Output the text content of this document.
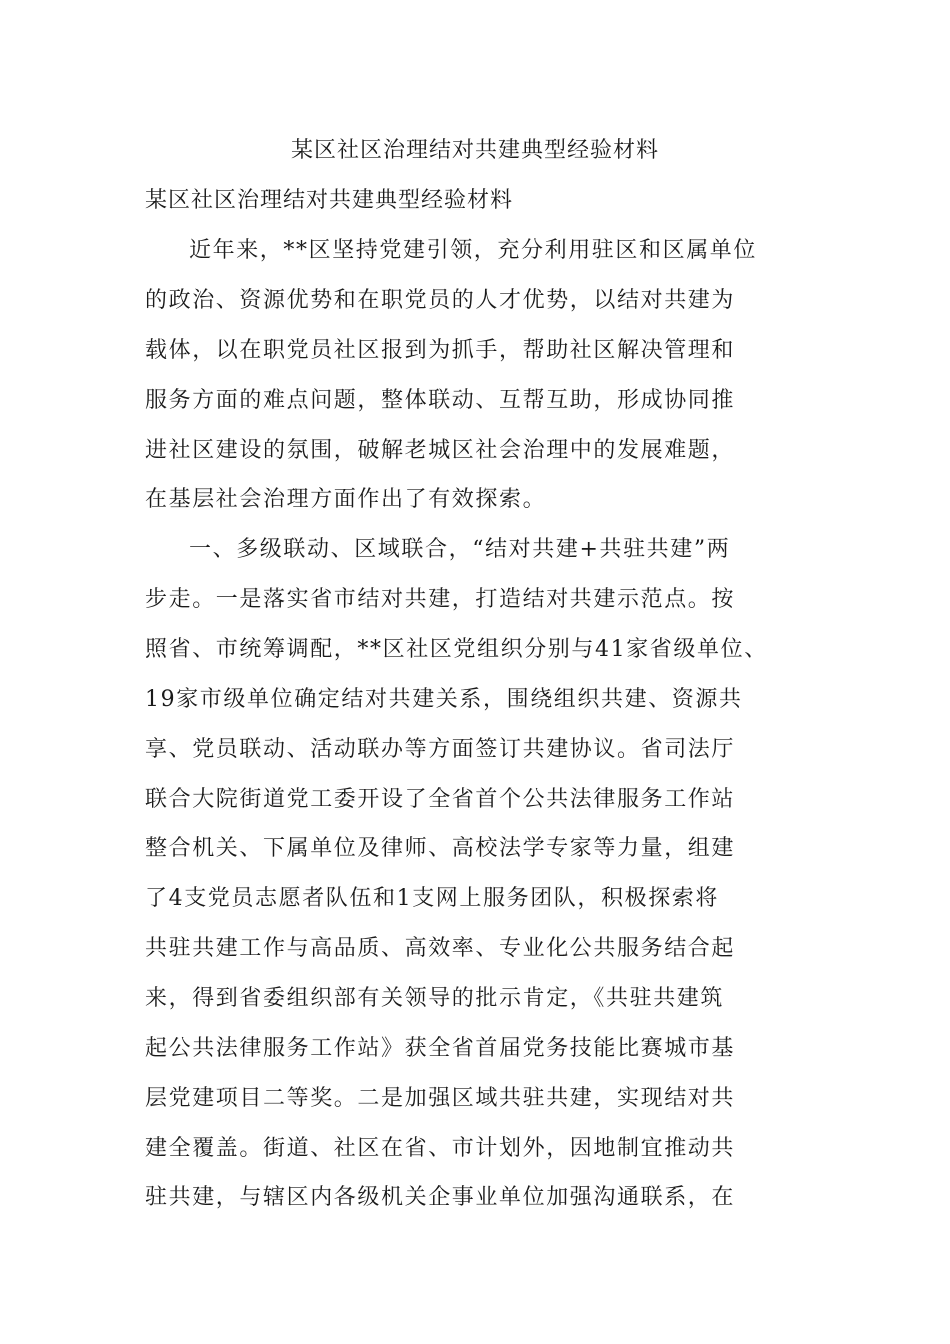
某区社区治理结对共建典型经验材料
某区社区治理结对共建典型经验材料
近年来，**区坚持党建引领，充分利用驻区和区属单位
的政治、资源优势和在职党员的人才优势，以结对共建为
载体，以在职党员社区报到为抓手，帮助社区解决管理和
服务方面的难点问题，整体联动、互帮互助，形成协同推
进社区建设的氛围，破解老城区社会治理中的发展难题，
在基层社会治理方面作出了有效探索。
一、多级联动、区域联合，“结对共建+共驻共建”两
步走。一是落实省市结对共建，打造结对共建示范点。按
照省、市统筹调配，**区社区党组织分别与41家省级单位、
19家市级单位确定结对共建关系，围绕组织共建、资源共
享、党员联动、活动联办等方面签订共建协议。省司法厅
联合大院街道党工委开设了全省首个公共法律服务工作站
整合机关、下属单位及律师、高校法学专家等力量，组建
了4支党员志愿者队伍和1支网上服务团队，积极探索将
共驻共建工作与高品质、高效率、专业化公共服务结合起
来，得到省委组织部有关领导的批示肯定，《共驻共建筑
起公共法律服务工作站》获全省首届党务技能比赛城市基
层党建项目二等奖。二是加强区域共驻共建，实现结对共
建全覆盖。街道、社区在省、市计划外，因地制宜推动共
驻共建，与辖区内各级机关企事业单位加强沟通联系，在
